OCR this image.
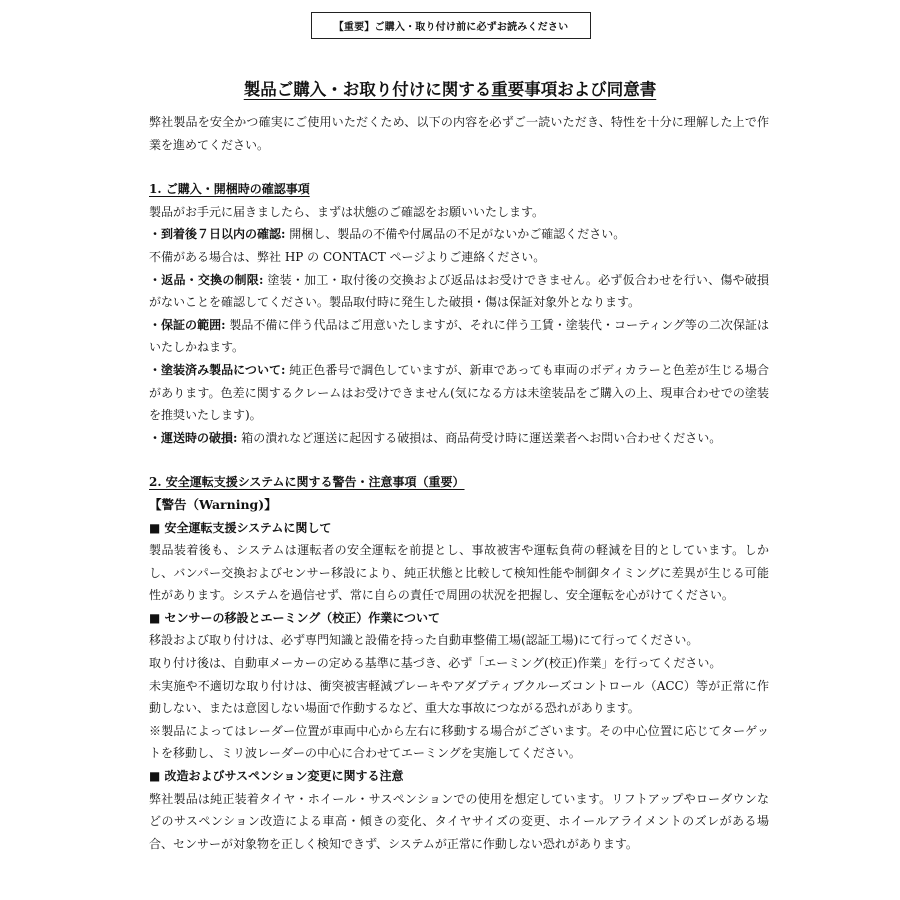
【重要】ご購入・取り付け前に必ずお読みください
製品ご購入・お取り付けに関する重要事項および同意書

弊社製品を安全かつ確実にご使用いただくため、以下の内容を必ずご一読いただき、特性を十分に理解した上で作業を進めてください。

1. ご購入・開梱時の確認事項

製品がお手元に届きましたら、まずは状態のご確認をお願いいたします。

・到着後７日以内の確認: 開梱し、製品の不備や付属品の不足がないかご確認ください。

不備がある場合は、弊社 HP の CONTACT ページよりご連絡ください。

・返品・交換の制限: 塗装・加工・取付後の交換および返品はお受けできません。必ず仮合わせを行い、傷や破損がないことを確認してください。製品取付時に発生した破損・傷は保証対象外となります。

・保証の範囲: 製品不備に伴う代品はご用意いたしますが、それに伴う工賃・塗装代・コーティング等の二次保証はいたしかねます。

・塗装済み製品について: 純正色番号で調色していますが、新車であっても車両のボディカラーと色差が生じる場合があります。色差に関するクレームはお受けできません(気になる方は未塗装品をご購入の上、現車合わせでの塗装を推奨いたします)。

・運送時の破損: 箱の潰れなど運送に起因する破損は、商品荷受け時に運送業者へお問い合わせください。

2. 安全運転支援システムに関する警告・注意事項（重要）

【警告（Warning)】

■ 安全運転支援システムに関して

製品装着後も、システムは運転者の安全運転を前提とし、事故被害や運転負荷の軽減を目的としています。しかし、バンパー交換およびセンサー移設により、純正状態と比較して検知性能や制御タイミングに差異が生じる可能性があります。システムを過信せず、常に自らの責任で周囲の状況を把握し、安全運転を心がけてください。

■ センサーの移設とエーミング（校正）作業について

移設および取り付けは、必ず専門知識と設備を持った自動車整備工場(認証工場)にて行ってください。

取り付け後は、自動車メーカーの定める基準に基づき、必ず「エーミング(校正)作業」を行ってください。

未実施や不適切な取り付けは、衝突被害軽減ブレーキやアダプティブクルーズコントロール（ACC）等が正常に作動しない、または意図しない場面で作動するなど、重大な事故につながる恐れがあります。

※製品によってはレーダー位置が車両中心から左右に移動する場合がございます。その中心位置に応じてターゲットを移動し、ミリ波レーダーの中心に合わせてエーミングを実施してください。

■ 改造およびサスペンション変更に関する注意

弊社製品は純正装着タイヤ・ホイール・サスペンションでの使用を想定しています。リフトアップやローダウンなどのサスペンション改造による車高・傾きの変化、タイヤサイズの変更、ホイールアライメントのズレがある場合、センサーが対象物を正しく検知できず、システムが正常に作動しない恐れがあります。
